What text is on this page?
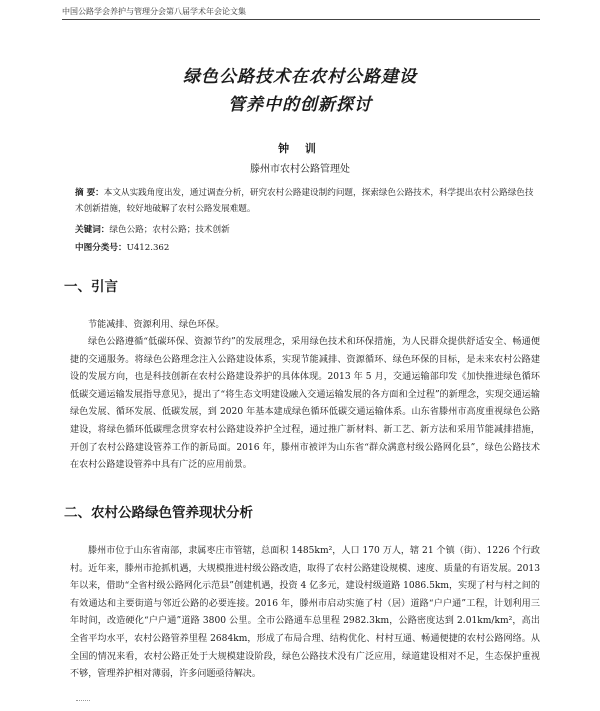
中国公路学会养护与管理分会第八届学术年会论文集
绿色公路技术在农村公路建设
管养中的创新探讨
钟 训
滕州市农村公路管理处
摘 要：本文从实践角度出发，通过调查分析，研究农村公路建设制约问题，探索绿色公路技术，科学提出农村公路绿色技术创新措施，较好地破解了农村公路发展难题。
关键词：绿色公路；农村公路；技术创新
中图分类号：U412.362
一、引言
节能减排、资源利用、绿色环保。
绿色公路遵循“低碳环保、资源节约”的发展理念，采用绿色技术和环保措施，为人民群众提供舒适安全、畅通便捷的交通服务。将绿色公路理念注入公路建设体系，实现节能减排、资源循环、绿色环保的目标，是未来农村公路建设的发展方向，也是科技创新在农村公路建设养护的具体体现。2013 年 5 月，交通运输部印发《加快推进绿色循环低碳交通运输发展指导意见》，提出了“将生态文明建设融入交通运输发展的各方面和全过程”的新理念，实现交通运输绿色发展、循环发展、低碳发展，到 2020 年基本建成绿色循环低碳交通运输体系。山东省滕州市高度重视绿色公路建设，将绿色循环低碳理念贯穿农村公路建设养护全过程，通过推广新材料、新工艺、新方法和采用节能减排措施，开创了农村公路建设管养工作的新局面。2016 年，滕州市被评为山东省“群众满意村级公路网化县”，绿色公路技术在农村公路建设管养中具有广泛的应用前景。
二、农村公路绿色管养现状分析
滕州市位于山东省南部，隶属枣庄市管辖，总面积 1485km²，人口 170 万人，辖 21 个镇（街）、1226 个行政村。近年来，滕州市抢抓机遇，大规模推进村级公路改造，取得了农村公路建设规模、速度、质量的有语发展。2013 年以来，借助“全省村级公路网化示范县”创建机遇，投资 4 亿多元，建设村级道路 1086.5km，实现了村与村之间的有效通达和主要街道与邻近公路的必要连接。2016 年，滕州市启动实施了村（居）道路“户户通”工程，计划利用三年时间，改造硬化“户户通”道路 3800 公里。全市公路通车总里程 2982.3km，公路密度达到 2.01km/km²，高出全省平均水平，农村公路管养里程 2684km，形成了布局合理、结构优化、村村互通、畅通便捷的农村公路网络。从全国的情况来看，农村公路正处于大规模建设阶段，绿色公路技术没有广泛应用，绿道建设相对不足，生态保护重视不够，管理养护相对薄弱，许多问题亟待解决。
